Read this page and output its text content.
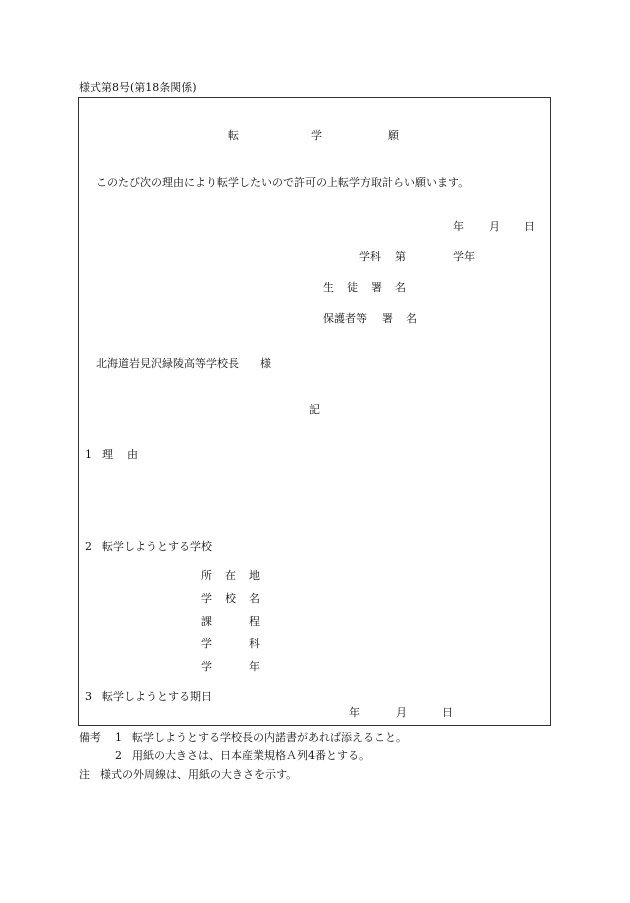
様式第8号(第18条関係)
転	学	願
このたび次の理由により転学したいので許可の上転学方取計らい願います。
年 月 日
学科 第	学年
生 徒 署 名
保護者等 署 名
北海道岩見沢緑陵高等学校長 様
記
1 理 由
2 転学しようとする学校
所 在 地
学 校 名
課	程
学	科
学	年
3 転学しようとする期日
年	月	日
備考 1 転学しようとする学校長の内諾書があれば添えること。
2 用紙の大きさは、日本産業規格Ａ列4番とする。
注 様式の外周線は、用紙の大きさを示す。
